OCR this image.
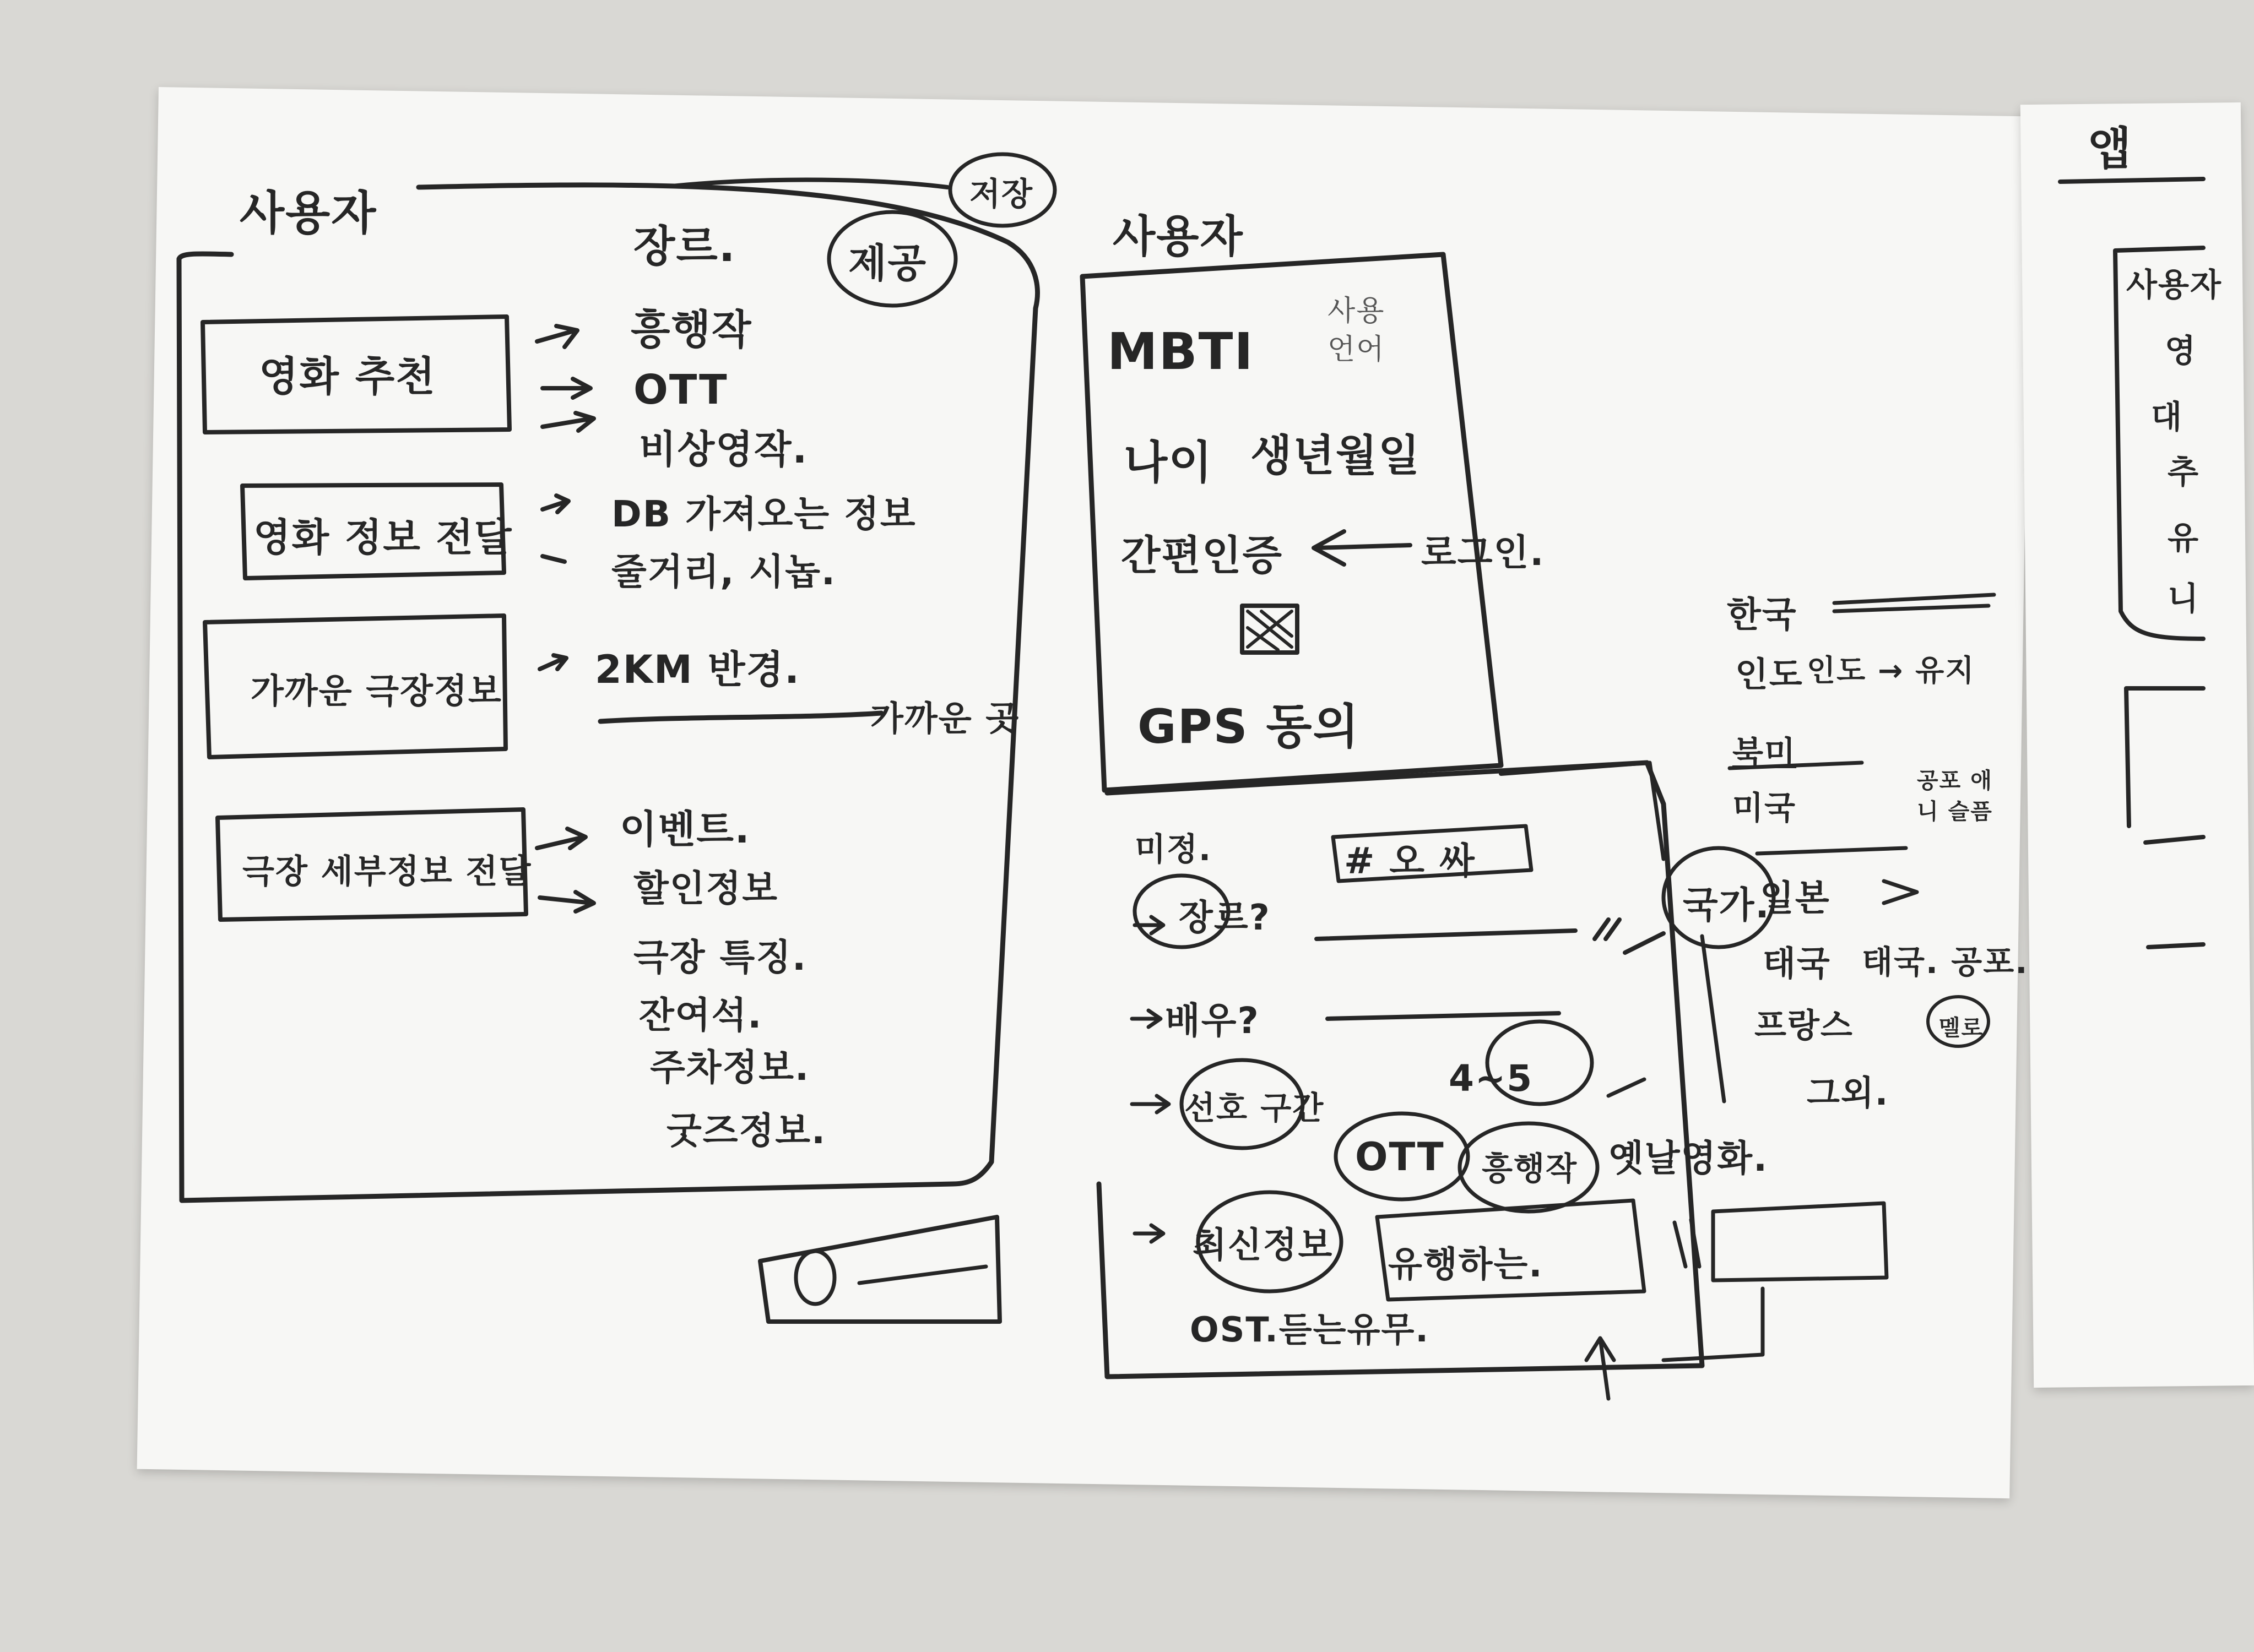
사용자
제공
장르.
영화 추천
흥행작
OTT
비상영작.
영화 정보 전달
DB 가져오는 정보
줄거리, 시놉.
가까운 극장정보 2KM 반경.
가까운 곳
극장 세부정보 전달
이벤트.
할인정보
극장 특징.
잔여석.
주차정보.
굿즈정보.
저장
사용자
MBTI
사용 언어
나이 생년월일
간편인증	로그인.
GPS 동의
미정.	# 오 싸
장르?
배우?
선호 구간
4~5
OTT 흥행작 옛날영화.
최신정보
국가.
유행하는.
OST.듣는유무.
한국
인도 인도 → 유지
북미
미국
일본
공포 애니 슬픔
태국 태국. 공포.
프랑스	멜로
그외.
앱
사용자
영
대
추
유
니
